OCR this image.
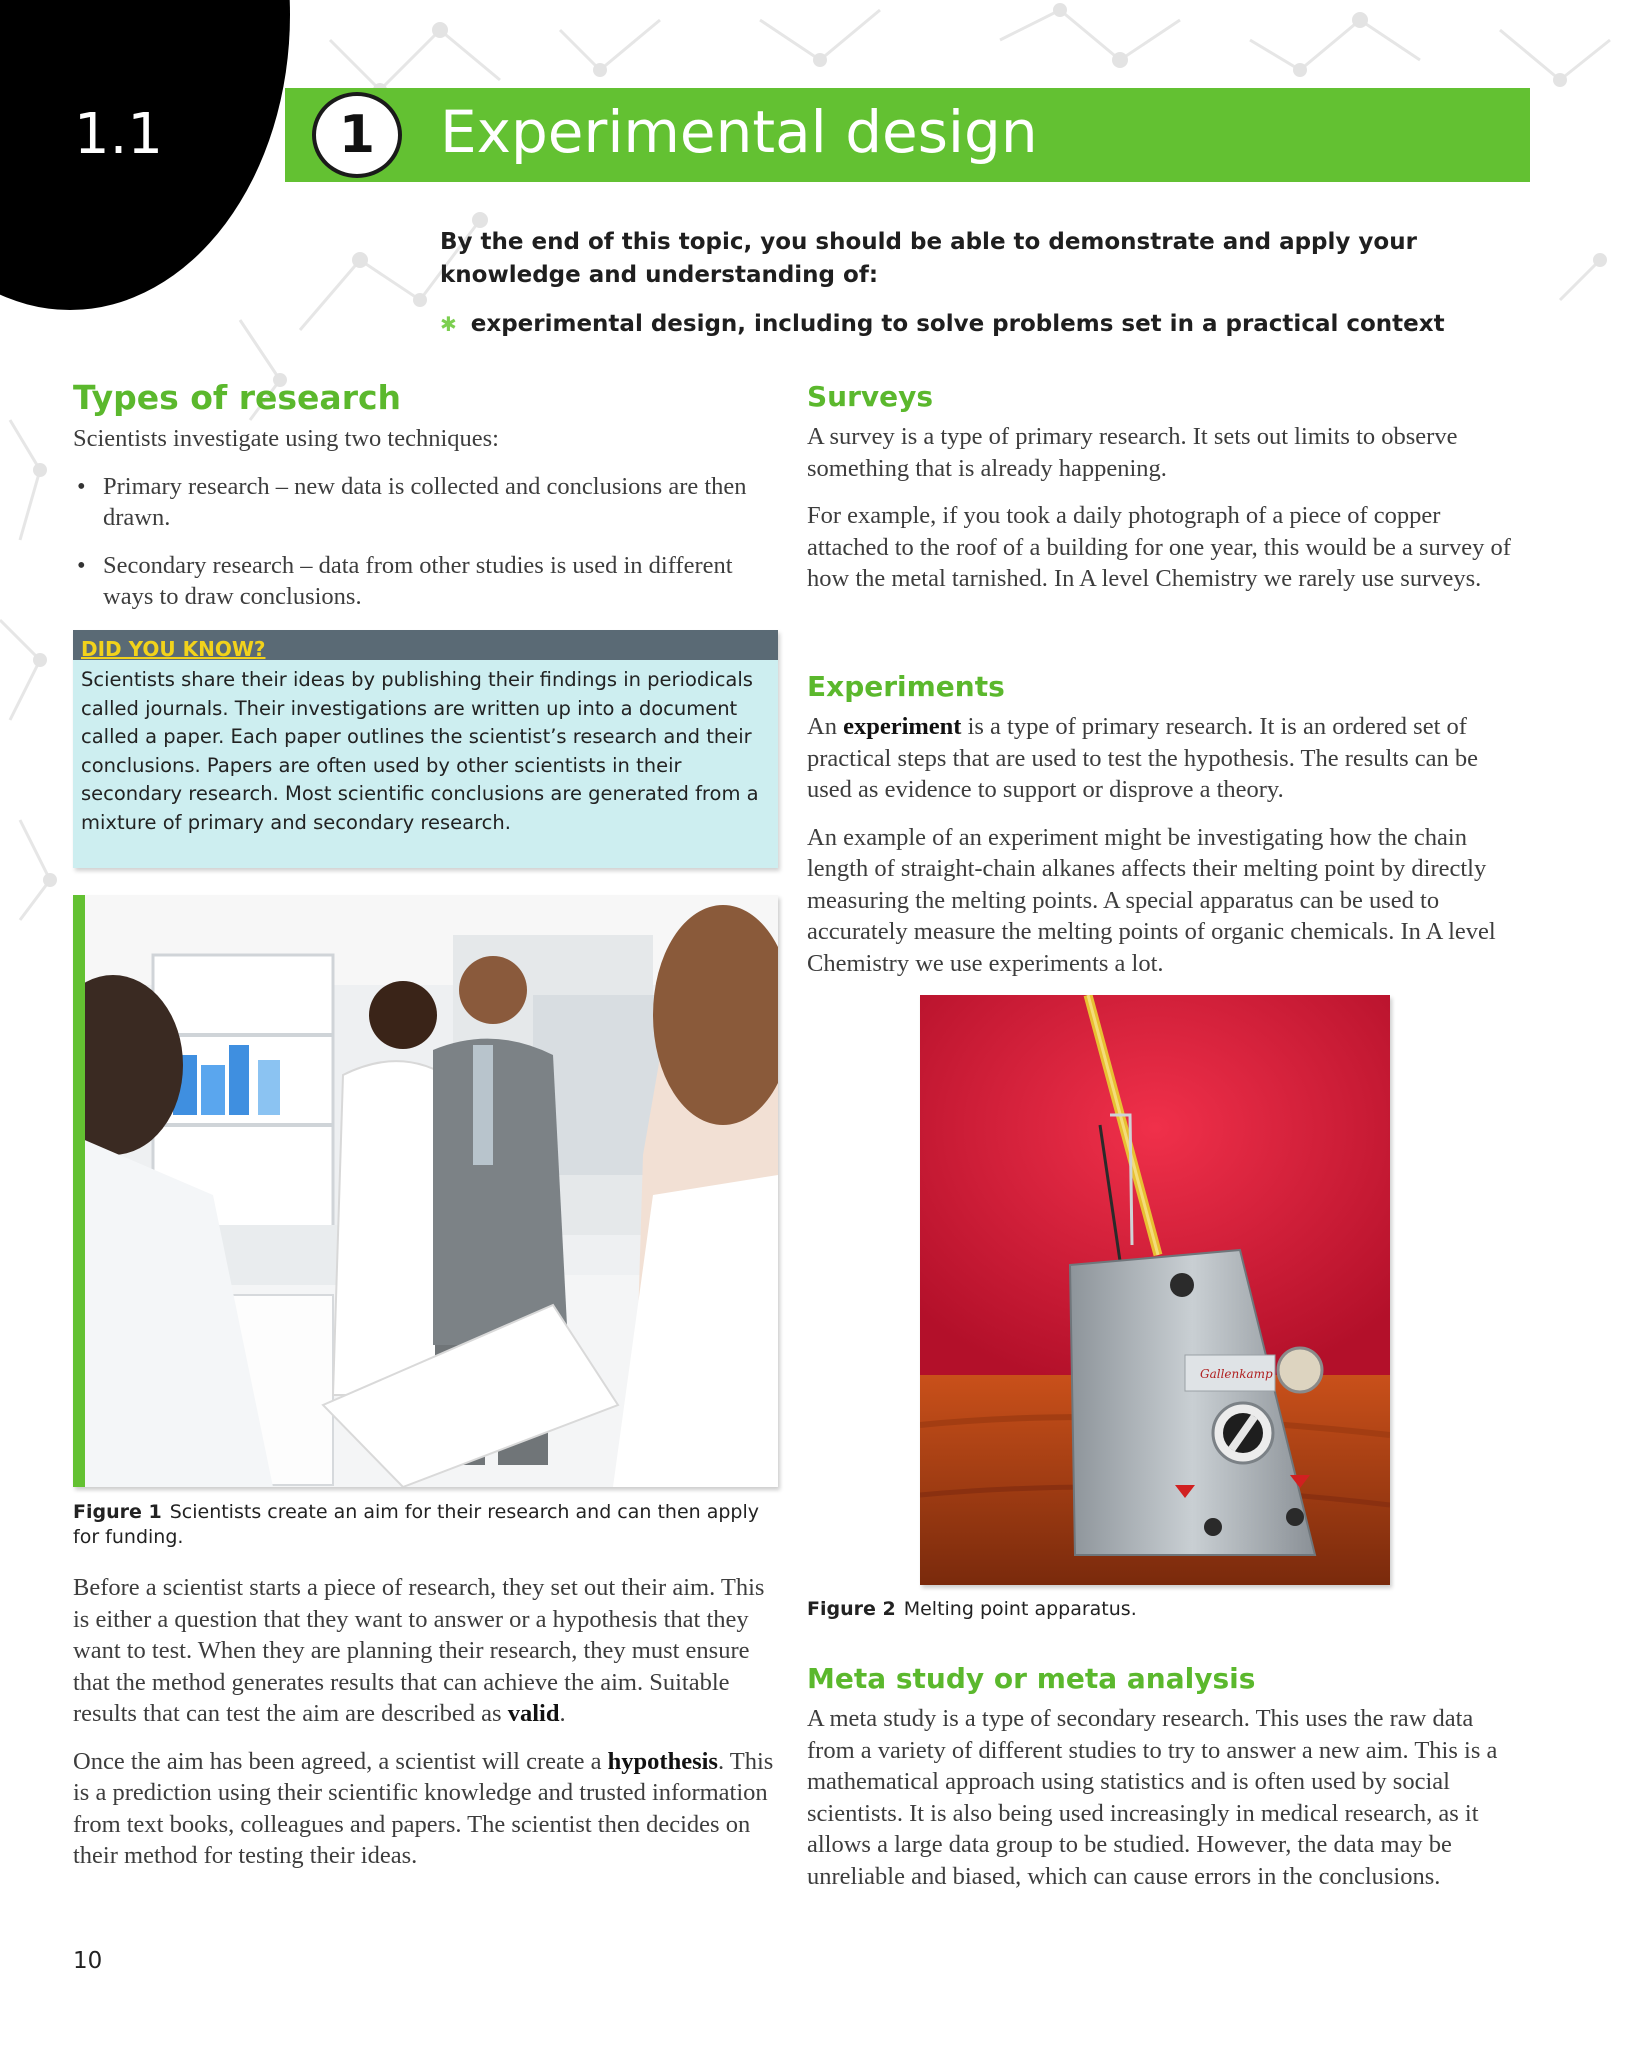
1.1	1	Experimental design
By the end of this topic, you should be able to demonstrate and apply your knowledge and understanding of:
✱ experimental design, including to solve problems set in a practical context
Types of research
Scientists investigate using two techniques:
• Primary research – new data is collected and conclusions are then drawn.
• Secondary research – data from other studies is used in different ways to draw conclusions.
DID YOU KNOW?
Scientists share their ideas by publishing their findings in periodicals called journals. Their investigations are written up into a document called a paper. Each paper outlines the scientist’s research and their conclusions. Papers are often used by other scientists in their secondary research. Most scientific conclusions are generated from a mixture of primary and secondary research.
Figure 1 Scientists create an aim for their research and can then apply for funding.

Before a scientist starts a piece of research, they set out their aim. This is either a question that they want to answer or a hypothesis that they want to test. When they are planning their research, they must ensure that the method generates results that can achieve the aim. Suitable results that can test the aim are described as valid.

Once the aim has been agreed, a scientist will create a hypothesis. This is a prediction using their scientific knowledge and trusted information from text books, colleagues and papers. The scientist then decides on their method for testing their ideas.

10
Surveys

A survey is a type of primary research. It sets out limits to observe something that is already happening.

For example, if you took a daily photograph of a piece of copper attached to the roof of a building for one year, this would be a survey of how the metal tarnished. In A level Chemistry we rarely use surveys.

Experiments

An experiment is a type of primary research. It is an ordered set of practical steps that are used to test the hypothesis. The results can be used as evidence to support or disprove a theory.

An example of an experiment might be investigating how the chain length of straight-chain alkanes affects their melting point by directly measuring the melting points. A special apparatus can be used to accurately measure the melting points of organic chemicals. In A level Chemistry we use experiments a lot.

Gallenkamp
Figure 2 Melting point apparatus.
Meta study or meta analysis

A meta study is a type of secondary research. This uses the raw data from a variety of different studies to try to answer a new aim. This is a mathematical approach using statistics and is often used by social scientists. It is also being used increasingly in medical research, as it allows a large data group to be studied. However, the data may be unreliable and biased, which can cause errors in the conclusions.
